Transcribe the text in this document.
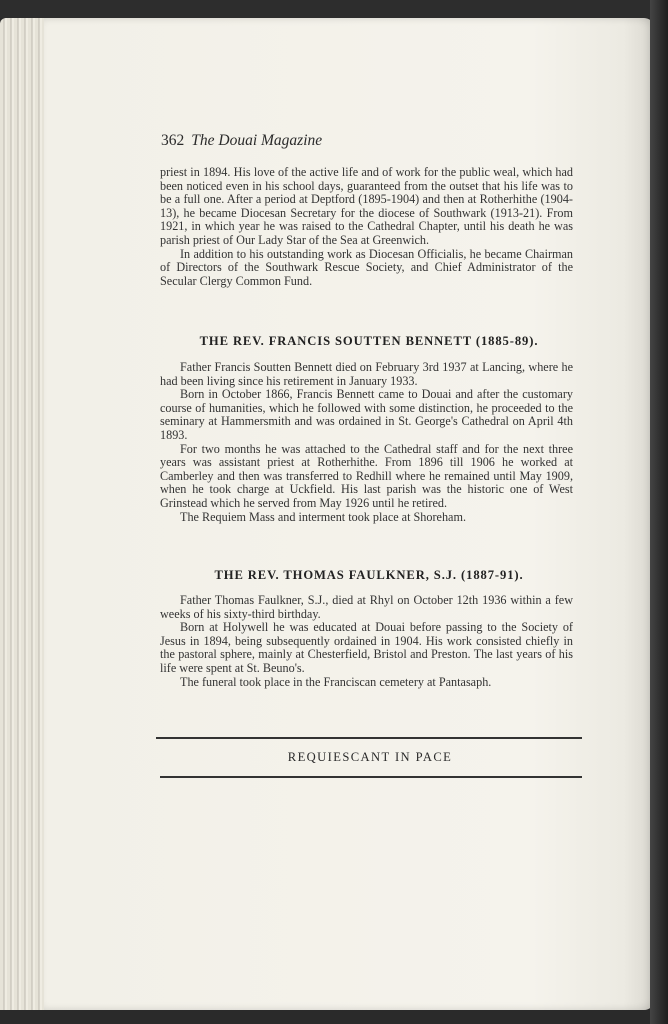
362 The Douai Magazine

priest in 1894. His love of the active life and of work for the public weal, which had been noticed even in his school days, guaranteed from the outset that his life was to be a full one. After a period at Deptford (1895-1904) and then at Rotherhithe (1904-13), he became Diocesan Secretary for the diocese of Southwark (1913-21). From 1921, in which year he was raised to the Cathedral Chapter, until his death he was parish priest of Our Lady Star of the Sea at Greenwich.

In addition to his outstanding work as Diocesan Officialis, he became Chairman of Directors of the Southwark Rescue Society, and Chief Administrator of the Secular Clergy Common Fund.

THE REV. FRANCIS SOUTTEN BENNETT (1885-89).

Father Francis Soutten Bennett died on February 3rd 1937 at Lancing, where he had been living since his retirement in January 1933.

Born in October 1866, Francis Bennett came to Douai and after the customary course of humanities, which he followed with some distinction, he proceeded to the seminary at Hammersmith and was ordained in St. George's Cathedral on April 4th 1893.

For two months he was attached to the Cathedral staff and for the next three years was assistant priest at Rotherhithe. From 1896 till 1906 he worked at Camberley and then was transferred to Redhill where he remained until May 1909, when he took charge at Uckfield. His last parish was the historic one of West Grinstead which he served from May 1926 until he retired.

The Requiem Mass and interment took place at Shoreham.

THE REV. THOMAS FAULKNER, S.J. (1887-91).

Father Thomas Faulkner, S.J., died at Rhyl on October 12th 1936 within a few weeks of his sixty-third birthday.

Born at Holywell he was educated at Douai before passing to the Society of Jesus in 1894, being subsequently ordained in 1904. His work consisted chiefly in the pastoral sphere, mainly at Chesterfield, Bristol and Preston. The last years of his life were spent at St. Beuno's.

The funeral took place in the Franciscan cemetery at Pantasaph.

REQUIESCANT IN PACE
